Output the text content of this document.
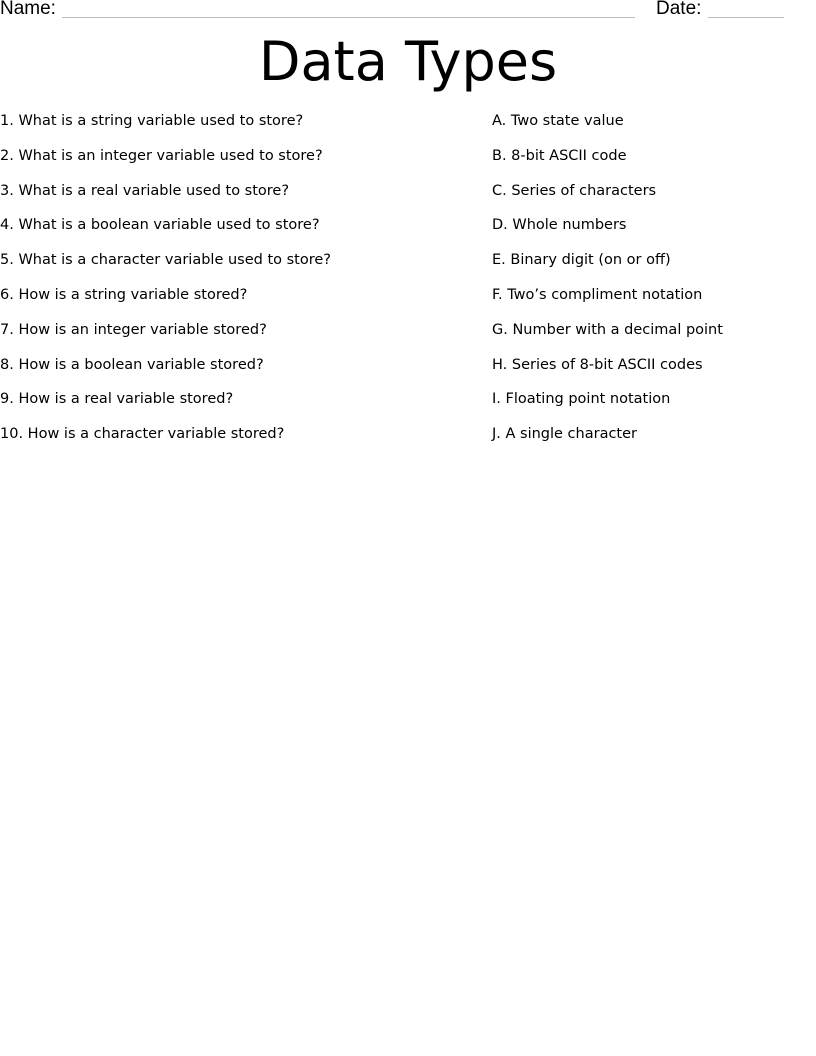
Name:	Date:
Data Types
1. What is a string variable used to store?
2. What is an integer variable used to store?
3. What is a real variable used to store?
4. What is a boolean variable used to store?
5. What is a character variable used to store?
6. How is a string variable stored?
7. How is an integer variable stored?
8. How is a boolean variable stored?
9. How is a real variable stored?
10. How is a character variable stored?
A. Two state value
B. 8-bit ASCII code
C. Series of characters
D. Whole numbers
E. Binary digit (on or off)
F. Two’s compliment notation
G. Number with a decimal point
H. Series of 8-bit ASCII codes
I. Floating point notation
J. A single character
